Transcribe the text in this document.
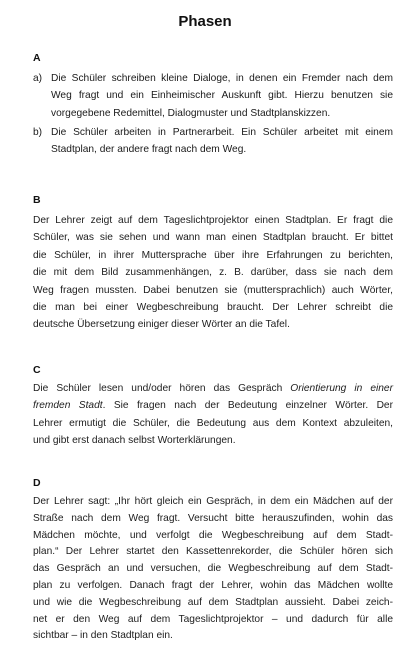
Phasen
A
a) Die Schüler schreiben kleine Dialoge, in denen ein Fremder nach dem
Weg fragt und ein Einheimischer Auskunft gibt. Hierzu benutzen sie
vorgegebene Redemittel, Dialogmuster und Stadtplanskizzen.
b) Die Schüler arbeiten in Partnerarbeit. Ein Schüler arbeitet mit einem
Stadtplan, der andere fragt nach dem Weg.
B
Der Lehrer zeigt auf dem Tageslichtprojektor einen Stadtplan. Er fragt die
Schüler, was sie sehen und wann man einen Stadtplan braucht. Er bittet
die Schüler, in ihrer Muttersprache über ihre Erfahrungen zu berichten,
die mit dem Bild zusammenhängen, z. B. darüber, dass sie nach dem
Weg fragen mussten. Dabei benutzen sie (muttersprachlich) auch Wörter,
die man bei einer Wegbeschreibung braucht. Der Lehrer schreibt die
deutsche Übersetzung einiger dieser Wörter an die Tafel.
C
Die Schüler lesen und/oder hören das Gespräch Orientierung in einer
fremden Stadt. Sie fragen nach der Bedeutung einzelner Wörter. Der
Lehrer ermutigt die Schüler, die Bedeutung aus dem Kontext abzuleiten,
und gibt erst danach selbst Worterklärungen.
D
Der Lehrer sagt: „Ihr hört gleich ein Gespräch, in dem ein Mädchen auf der
Straße nach dem Weg fragt. Versucht bitte herauszufinden, wohin das
Mädchen möchte, und verfolgt die Wegbeschreibung auf dem Stadt-
plan.“ Der Lehrer startet den Kassettenrekorder, die Schüler hören sich
das Gespräch an und versuchen, die Wegbeschreibung auf dem Stadt-
plan zu verfolgen. Danach fragt der Lehrer, wohin das Mädchen wollte
und wie die Wegbeschreibung auf dem Stadtplan aussieht. Dabei zeich-
net er den Weg auf dem Tageslichtprojektor – und dadurch für alle
sichtbar – in den Stadtplan ein.
